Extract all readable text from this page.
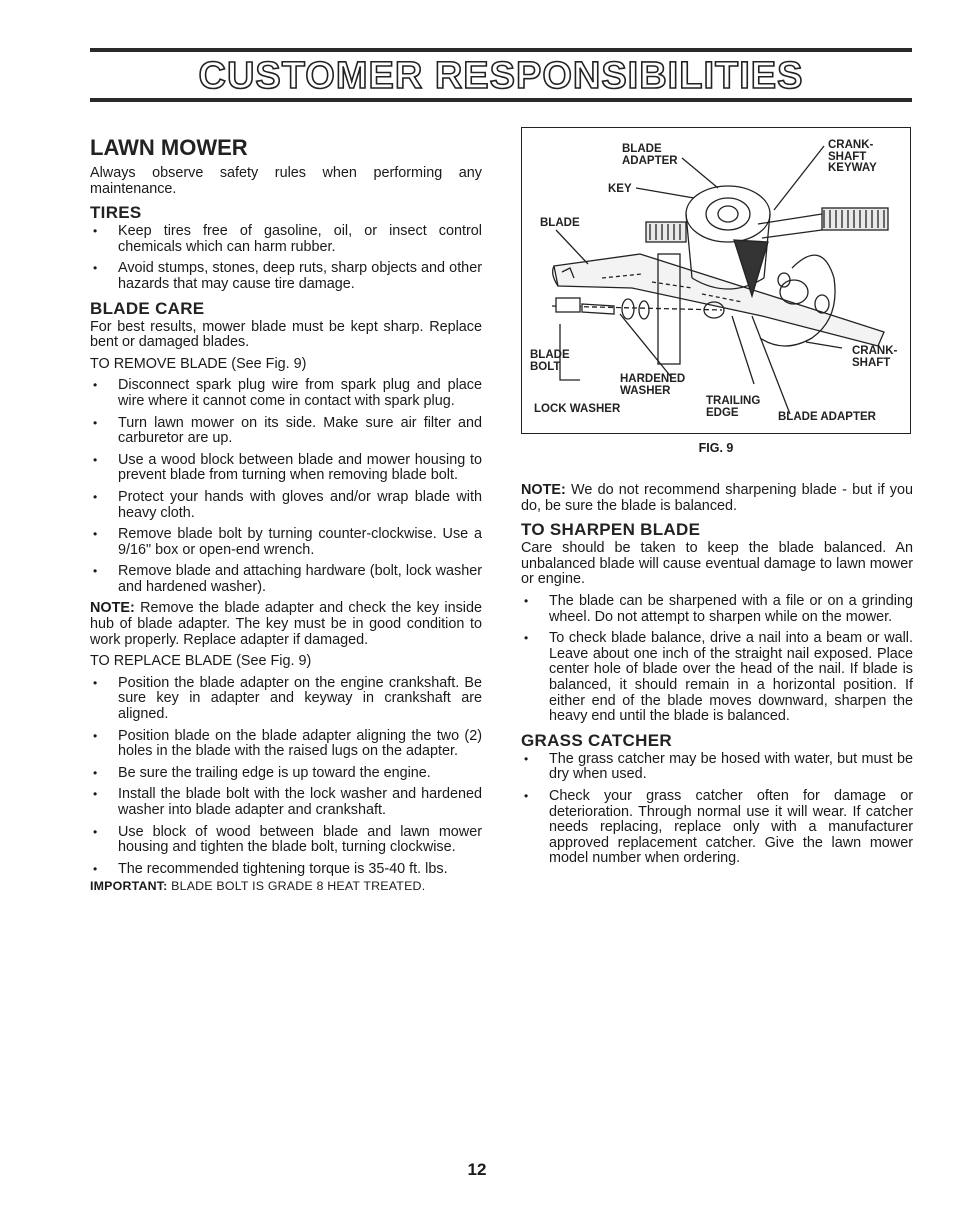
CUSTOMER RESPONSIBILITIES
LAWN MOWER

Always observe safety rules when performing any maintenance.

TIRES
• Keep tires free of gasoline, oil, or insect control chemicals which can harm rubber.
• Avoid stumps, stones, deep ruts, sharp objects and other hazards that may cause tire damage.
BLADE CARE

For best results, mower blade must be kept sharp. Replace bent or damaged blades.

TO REMOVE BLADE (See Fig. 9)

• Disconnect spark plug wire from spark plug and place wire where it cannot come in contact with spark plug.
• Turn lawn mower on its side. Make sure air filter and carburetor are up.
• Use a wood block between blade and mower housing to prevent blade from turning when removing blade bolt.
• Protect your hands with gloves and/or wrap blade with heavy cloth.
• Remove blade bolt by turning counter-clockwise. Use a 9/16" box or open-end wrench.
• Remove blade and attaching hardware (bolt, lock washer and hardened washer).

NOTE: Remove the blade adapter and check the key inside hub of blade adapter. The key must be in good condition to work properly. Replace adapter if damaged.

TO REPLACE BLADE (See Fig. 9)

• Position the blade adapter on the engine crankshaft. Be sure key in adapter and keyway in crankshaft are aligned.
• Position blade on the blade adapter aligning the two (2) holes in the blade with the raised lugs on the adapter.
• Be sure the trailing edge is up toward the engine.
• Install the blade bolt with the lock washer and hardened washer into blade adapter and crankshaft.
• Use block of wood between blade and lawn mower housing and tighten the blade bolt, turning clockwise.
• The recommended tightening torque is 35-40 ft. lbs.
IMPORTANT: BLADE BOLT IS GRADE 8 HEAT TREATED.
BLADE
ADAPTER
KEY
CRANK-
SHAFT
KEYWAY
BLADE
BLADE
BOLT
HARDENED
WASHER
LOCK WASHER
TRAILING
EDGE	BLADE ADAPTER
CRANK-
SHAFT
FIG. 9

NOTE: We do not recommend sharpening blade - but if you do, be sure the blade is balanced.

TO SHARPEN BLADE

Care should be taken to keep the blade balanced. An unbalanced blade will cause eventual damage to lawn mower or engine.

• The blade can be sharpened with a file or on a grinding wheel. Do not attempt to sharpen while on the mower.
• To check blade balance, drive a nail into a beam or wall. Leave about one inch of the straight nail exposed. Place center hole of blade over the head of the nail. If blade is balanced, it should remain in a horizontal position. If either end of the blade moves downward, sharpen the heavy end until the blade is balanced.
GRASS CATCHER
• The grass catcher may be hosed with water, but must be dry when used.
• Check your grass catcher often for damage or deterioration. Through normal use it will wear. If catcher needs replacing, replace only with a manufacturer approved replacement catcher. Give the lawn mower model number when ordering.
12
